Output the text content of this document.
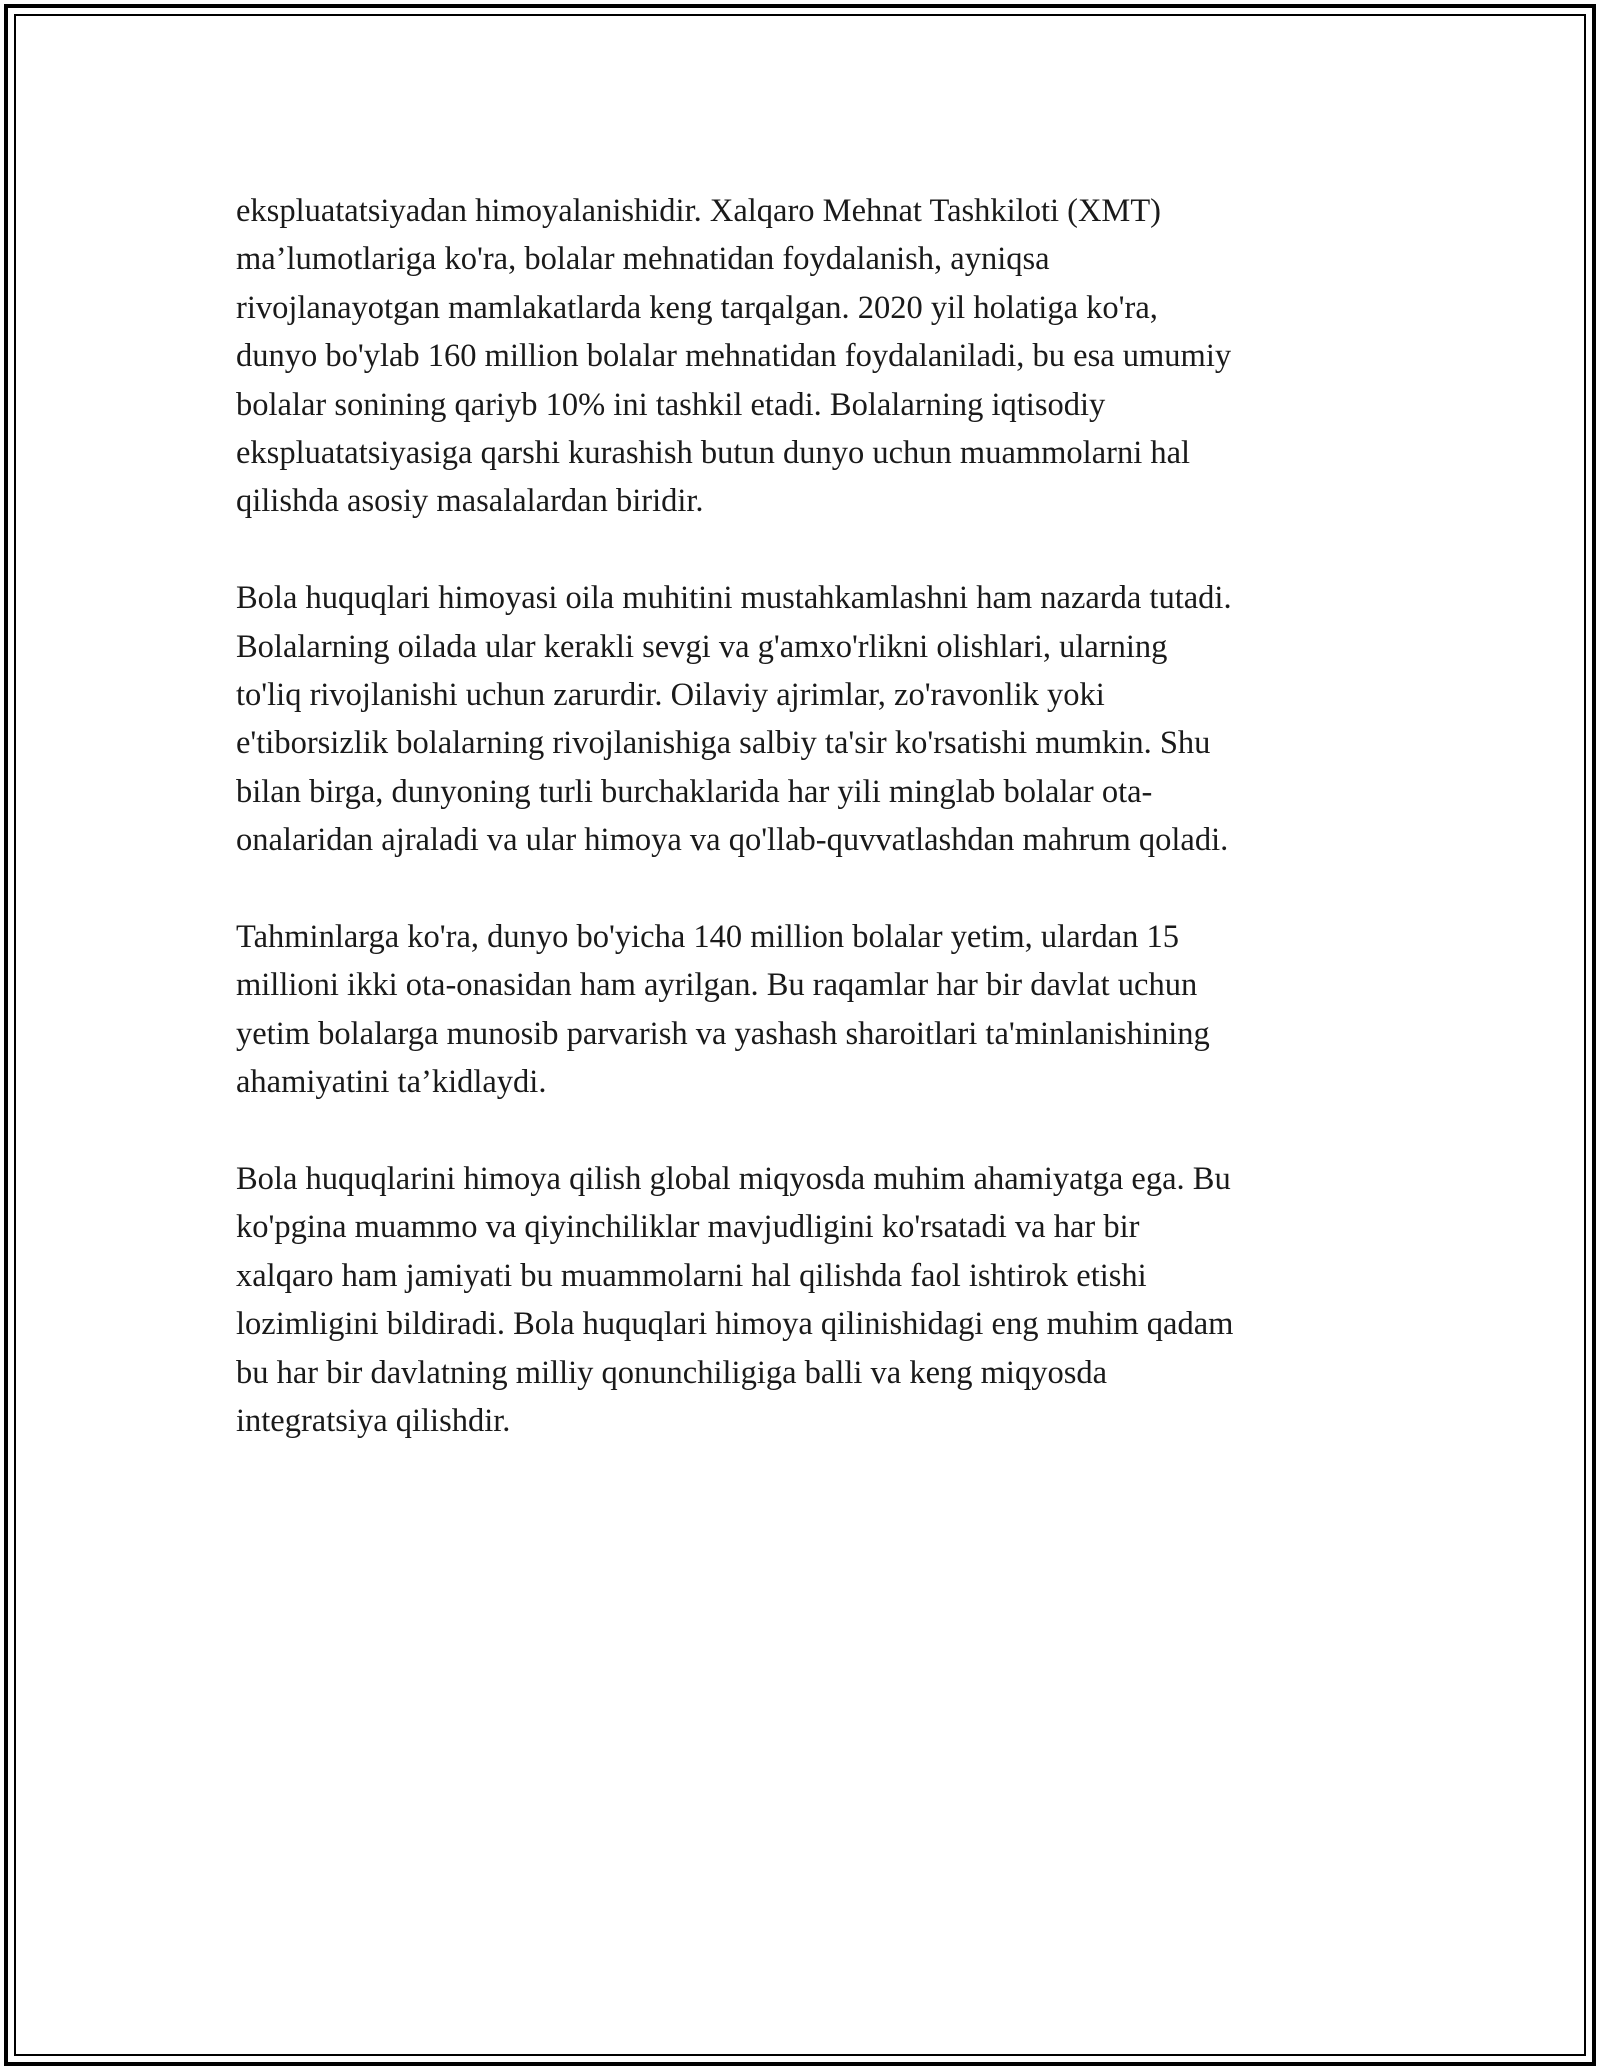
ekspluatatsiyadan himoyalanishidir. Xalqaro Mehnat Tashkiloti (XMT)
ma’lumotlariga ko'ra, bolalar mehnatidan foydalanish, ayniqsa
rivojlanayotgan mamlakatlarda keng tarqalgan. 2020 yil holatiga ko'ra,
dunyo bo'ylab 160 million bolalar mehnatidan foydalaniladi, bu esa umumiy
bolalar sonining qariyb 10% ini tashkil etadi. Bolalarning iqtisodiy
ekspluatatsiyasiga qarshi kurashish butun dunyo uchun muammolarni hal
qilishda asosiy masalalardan biridir.

Bola huquqlari himoyasi oila muhitini mustahkamlashni ham nazarda tutadi.
Bolalarning oilada ular kerakli sevgi va g'amxo'rlikni olishlari, ularning
to'liq rivojlanishi uchun zarurdir. Oilaviy ajrimlar, zo'ravonlik yoki
e'tiborsizlik bolalarning rivojlanishiga salbiy ta'sir ko'rsatishi mumkin. Shu
bilan birga, dunyoning turli burchaklarida har yili minglab bolalar ota-
onalaridan ajraladi va ular himoya va qo'llab-quvvatlashdan mahrum qoladi.

Tahminlarga ko'ra, dunyo bo'yicha 140 million bolalar yetim, ulardan 15
millioni ikki ota-onasidan ham ayrilgan. Bu raqamlar har bir davlat uchun
yetim bolalarga munosib parvarish va yashash sharoitlari ta'minlanishining
ahamiyatini ta’kidlaydi.

Bola huquqlarini himoya qilish global miqyosda muhim ahamiyatga ega. Bu
ko'pgina muammo va qiyinchiliklar mavjudligini ko'rsatadi va har bir
xalqaro ham jamiyati bu muammolarni hal qilishda faol ishtirok etishi
lozimligini bildiradi. Bola huquqlari himoya qilinishidagi eng muhim qadam
bu har bir davlatning milliy qonunchiligiga balli va keng miqyosda
integratsiya qilishdir.
